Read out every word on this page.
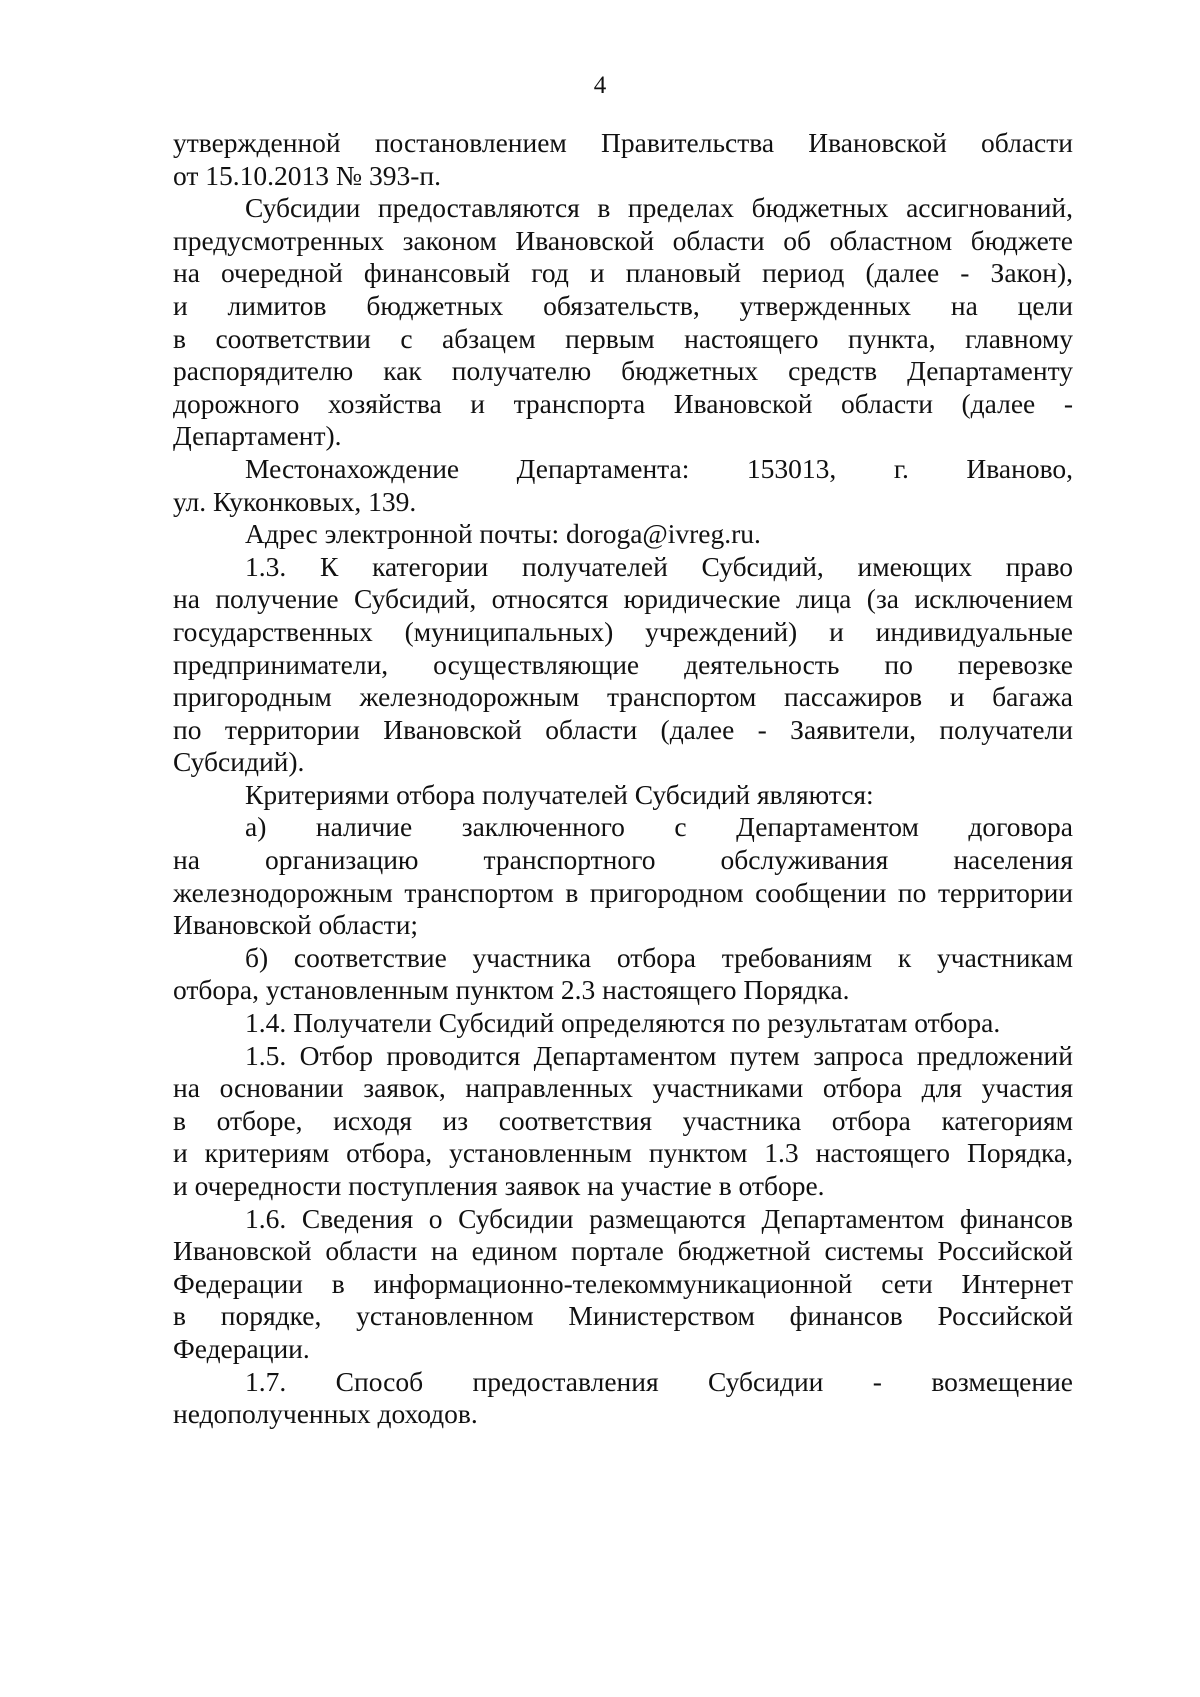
4
утвержденной постановлением Правительства Ивановской области
от 15.10.2013 № 393-п.
Субсидии предоставляются в пределах бюджетных ассигнований,
предусмотренных законом Ивановской области об областном бюджете
на очередной финансовый год и плановый период (далее - Закон),
и лимитов бюджетных обязательств, утвержденных на цели
в соответствии с абзацем первым настоящего пункта, главному
распорядителю как получателю бюджетных средств Департаменту
дорожного хозяйства и транспорта Ивановской области (далее -
Департамент).
Местонахождение Департамента: 153013, г. Иваново,
ул. Куконковых, 139.
Адрес электронной почты: doroga@ivreg.ru.
1.3. К категории получателей Субсидий, имеющих право
на получение Субсидий, относятся юридические лица (за исключением
государственных (муниципальных) учреждений) и индивидуальные
предприниматели, осуществляющие деятельность по перевозке
пригородным железнодорожным транспортом пассажиров и багажа
по территории Ивановской области (далее - Заявители, получатели
Субсидий).
Критериями отбора получателей Субсидий являются:
а) наличие заключенного с Департаментом договора
на организацию транспортного обслуживания населения
железнодорожным транспортом в пригородном сообщении по территории
Ивановской области;
б) соответствие участника отбора требованиям к участникам
отбора, установленным пунктом 2.3 настоящего Порядка.
1.4. Получатели Субсидий определяются по результатам отбора.
1.5. Отбор проводится Департаментом путем запроса предложений
на основании заявок, направленных участниками отбора для участия
в отборе, исходя из соответствия участника отбора категориям
и критериям отбора, установленным пунктом 1.3 настоящего Порядка,
и очередности поступления заявок на участие в отборе.
1.6. Сведения о Субсидии размещаются Департаментом финансов
Ивановской области на едином портале бюджетной системы Российской
Федерации в информационно-телекоммуникационной сети Интернет
в порядке, установленном Министерством финансов Российской
Федерации.
1.7. Способ предоставления Субсидии - возмещение
недополученных доходов.
